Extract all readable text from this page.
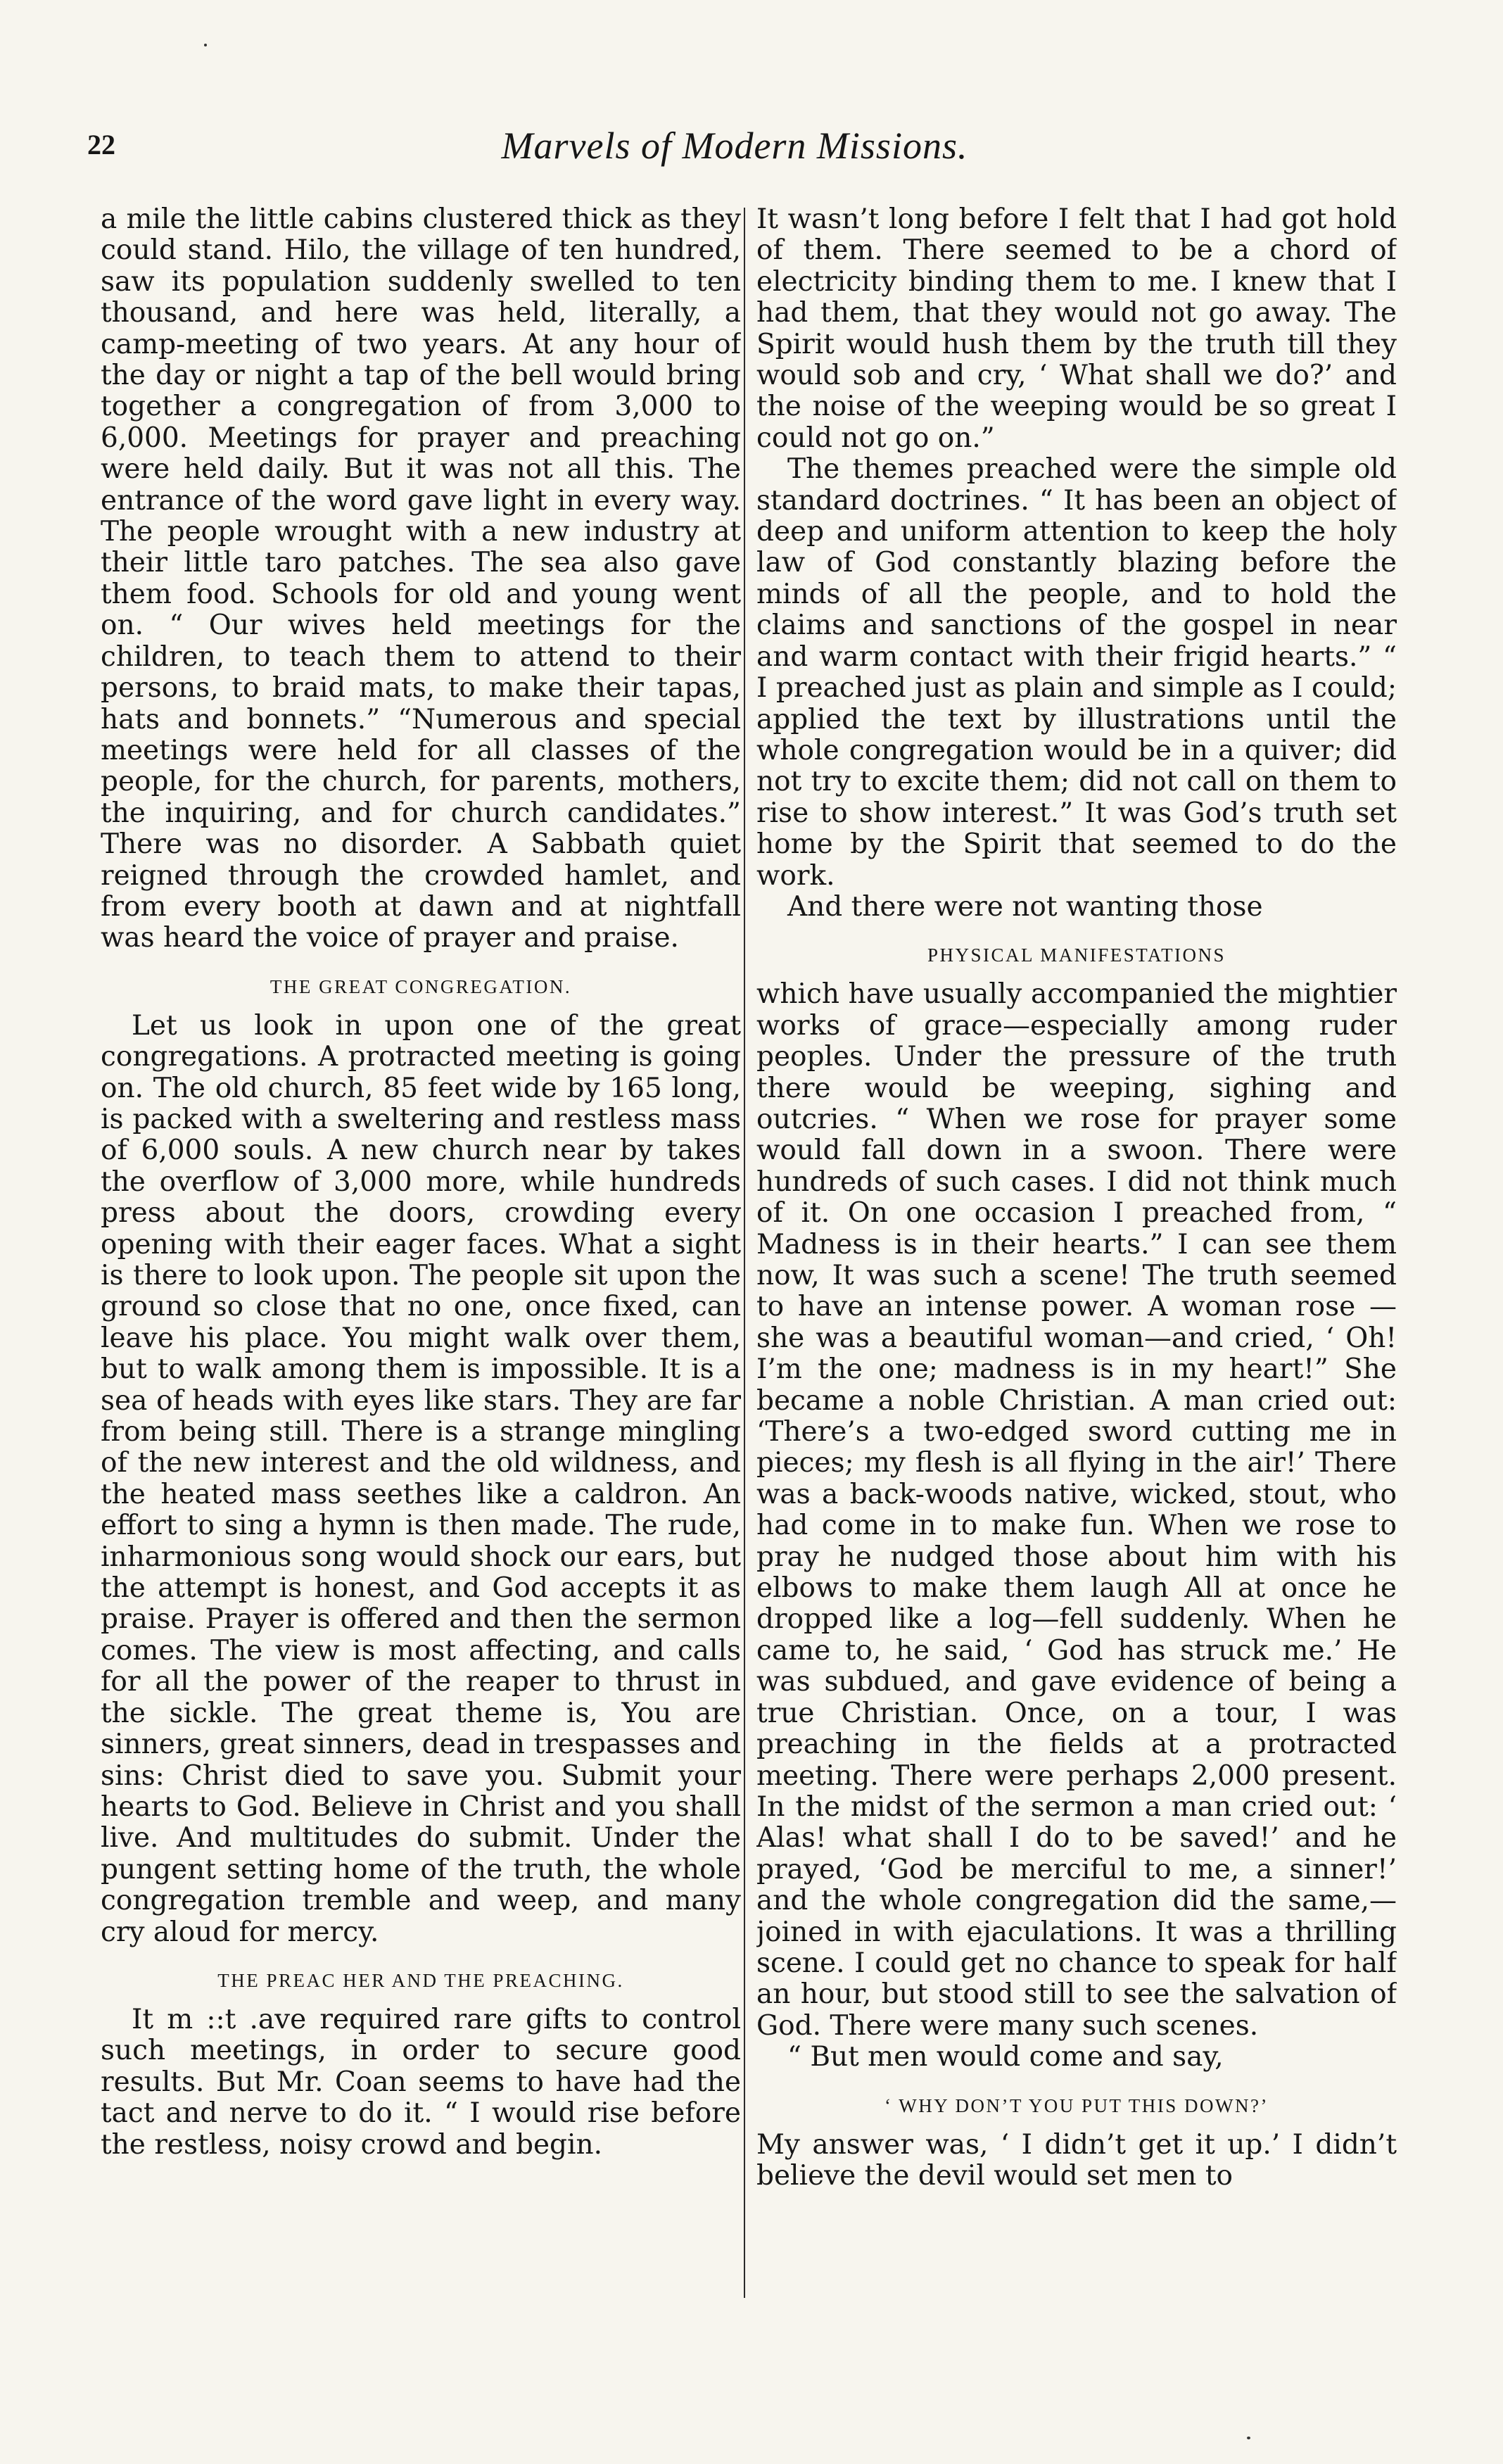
22	Marvels of Modern Missions.

a mile the little cabins clustered thick as they could stand. Hilo, the village of ten hundred, saw its population suddenly swelled to ten thousand, and here was held, literally, a camp-meeting of two years. At any hour of the day or night a tap of the bell would bring together a congregation of from 3,000 to 6,000. Meetings for prayer and preaching were held daily. But it was not all this. The entrance of the word gave light in every way. The people wrought with a new industry at their little taro patches. The sea also gave them food. Schools for old and young went on. “ Our wives held meetings for the children, to teach them to attend to their persons, to braid mats, to make their tapas, hats and bonnets.” “Numerous and special meetings were held for all classes of the people, for the church, for parents, mothers, the inquiring, and for church candidates.” There was no disorder. A Sabbath quiet reigned through the crowded hamlet, and from every booth at dawn and at nightfall was heard the voice of prayer and praise.

THE GREAT CONGREGATION.

Let us look in upon one of the great congregations. A protracted meeting is going on. The old church, 85 feet wide by 165 long, is packed with a sweltering and restless mass of 6,000 souls. A new church near by takes the overflow of 3,000 more, while hundreds press about the doors, crowding every opening with their eager faces. What a sight is there to look upon. The people sit upon the ground so close that no one, once fixed, can leave his place. You might walk over them, but to walk among them is impossible. It is a sea of heads with eyes like stars. They are far from being still. There is a strange mingling of the new interest and the old wildness, and the heated mass seethes like a caldron. An effort to sing a hymn is then made. The rude, inharmonious song would shock our ears, but the attempt is honest, and God accepts it as praise. Prayer is offered and then the sermon comes. The view is most affecting, and calls for all the power of the reaper to thrust in the sickle. The great theme is, You are sinners, great sinners, dead in trespasses and sins: Christ died to save you. Submit your hearts to God. Believe in Christ and you shall live. And multitudes do submit. Under the pungent setting home of the truth, the whole congregation tremble and weep, and many cry aloud for mercy.

THE PREAC HER AND THE PREACHING.

It m ::t .ave required rare gifts to control such meetings, in order to secure good results. But Mr. Coan seems to have had the tact and nerve to do it. “ I would rise before the restless, noisy crowd and begin.

It wasn’t long before I felt that I had got hold of them. There seemed to be a chord of electricity binding them to me. I knew that I had them, that they would not go away. The Spirit would hush them by the truth till they would sob and cry, ‘ What shall we do?’ and the noise of the weeping would be so great I could not go on.”

The themes preached were the simple old standard doctrines. “ It has been an object of deep and uniform attention to keep the holy law of God constantly blazing before the minds of all the people, and to hold the claims and sanctions of the gospel in near and warm contact with their frigid hearts.” “ I preached just as plain and simple as I could; applied the text by illustrations until the whole congregation would be in a quiver; did not try to excite them; did not call on them to rise to show interest.” It was God’s truth set home by the Spirit that seemed to do the work.

And there were not wanting those

PHYSICAL MANIFESTATIONS

which have usually accompanied the mightier works of grace—especially among ruder peoples. Under the pressure of the truth there would be weeping, sighing and outcries. “ When we rose for prayer some would fall down in a swoon. There were hundreds of such cases. I did not think much of it. On one occasion I preached from, “ Madness is in their hearts.” I can see them now, It was such a scene! The truth seemed to have an intense power. A woman rose — she was a beautiful woman—and cried, ‘ Oh! I’m the one; madness is in my heart!” She became a noble Christian. A man cried out: ‘There’s a two-edged sword cutting me in pieces; my flesh is all flying in the air!’ There was a back-woods native, wicked, stout, who had come in to make fun. When we rose to pray he nudged those about him with his elbows to make them laugh All at once he dropped like a log—fell suddenly. When he came to, he said, ‘ God has struck me.’ He was subdued, and gave evidence of being a true Christian. Once, on a tour, I was preaching in the fields at a protracted meeting. There were perhaps 2,000 present. In the midst of the sermon a man cried out: ‘ Alas! what shall I do to be saved!’ and he prayed, ‘God be merciful to me, a sinner!’ and the whole congregation did the same,—joined in with ejaculations. It was a thrilling scene. I could get no chance to speak for half an hour, but stood still to see the salvation of God. There were many such scenes.

“ But men would come and say,

‘ WHY DON’T YOU PUT THIS DOWN?’

My answer was, ‘ I didn’t get it up.’ I didn’t believe the devil would set men to
